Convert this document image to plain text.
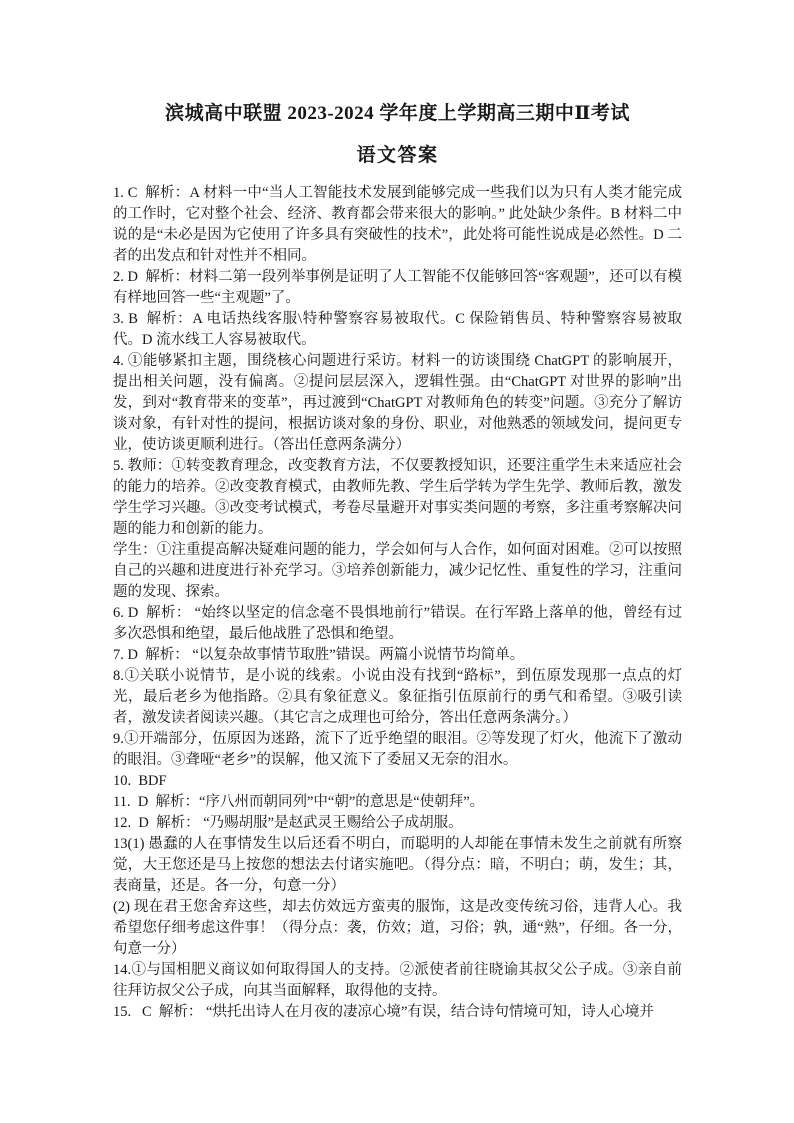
滨城高中联盟 2023-2024 学年度上学期高三期中Ⅱ考试
语文答案

1. C  解析：A 材料一中“当人工智能技术发展到能够完成一些我们以为只有人类才能完成的工作时，它对整个社会、经济、教育都会带来很大的影响。” 此处缺少条件。B 材料二中说的是“未必是因为它使用了许多具有突破性的技术”，此处将可能性说成是必然性。D 二者的出发点和针对性并不相同。

2. D  解析：材料二第一段列举事例是证明了人工智能不仅能够回答“客观题”，还可以有模有样地回答一些“主观题”了。

3. B  解析：A 电话热线客服\特种警察容易被取代。C 保险销售员、特种警察容易被取代。D 流水线工人容易被取代。

4. ①能够紧扣主题，围绕核心问题进行采访。材料一的访谈围绕 ChatGPT 的影响展开，提出相关问题，没有偏离。②提问层层深入，逻辑性强。由“ChatGPT 对世界的影响”出发，到对“教育带来的变革”，再过渡到“ChatGPT 对教师角色的转变”问题。③充分了解访谈对象，有针对性的提问，根据访谈对象的身份、职业，对他熟悉的领域发问，提问更专业，使访谈更顺利进行。（答出任意两条满分）

5. 教师：①转变教育理念，改变教育方法，不仅要教授知识，还要注重学生未来适应社会的能力的培养。②改变教育模式，由教师先教、学生后学转为学生先学、教师后教，激发学生学习兴趣。③改变考试模式，考卷尽量避开对事实类问题的考察，多注重考察解决问题的能力和创新的能力。

学生：①注重提高解决疑难问题的能力，学会如何与人合作，如何面对困难。②可以按照自己的兴趣和进度进行补充学习。③培养创新能力，减少记忆性、重复性的学习，注重问题的发现、探索。

6. D  解析： “始终以坚定的信念毫不畏惧地前行”错误。在行军路上落单的他，曾经有过多次恐惧和绝望，最后他战胜了恐惧和绝望。

7. D  解析： “以复杂故事情节取胜”错误。两篇小说情节均简单。

8.①关联小说情节，是小说的线索。小说由没有找到“路标”，到伍原发现那一点点的灯光，最后老乡为他指路。②具有象征意义。象征指引伍原前行的勇气和希望。③吸引读者，激发读者阅读兴趣。（其它言之成理也可给分，答出任意两条满分。）

9.①开端部分，伍原因为迷路，流下了近乎绝望的眼泪。②等发现了灯火，他流下了激动的眼泪。③聋哑“老乡”的误解，他又流下了委屈又无奈的泪水。

10.  BDF

11.  D  解析：“序八州而朝同列”中“朝”的意思是“使朝拜”。

12.  D  解析： “乃赐胡服”是赵武灵王赐给公子成胡服。

13(1) 愚蠢的人在事情发生以后还看不明白，而聪明的人却能在事情未发生之前就有所察觉，大王您还是马上按您的想法去付诸实施吧。（得分点：暗，不明白；萌，发生；其，表商量，还是。各一分，句意一分）

(2) 现在君王您舍弃这些，却去仿效远方蛮夷的服饰，这是改变传统习俗，违背人心。我希望您仔细考虑这件事！（得分点：袭，仿效；道，习俗；孰，通“熟”，仔细。各一分，句意一分）

14.①与国相肥义商议如何取得国人的支持。②派使者前往晓谕其叔父公子成。③亲自前往拜访叔父公子成，向其当面解释，取得他的支持。

15.   C  解析： “烘托出诗人在月夜的凄凉心境”有误，结合诗句情境可知，诗人心境并
